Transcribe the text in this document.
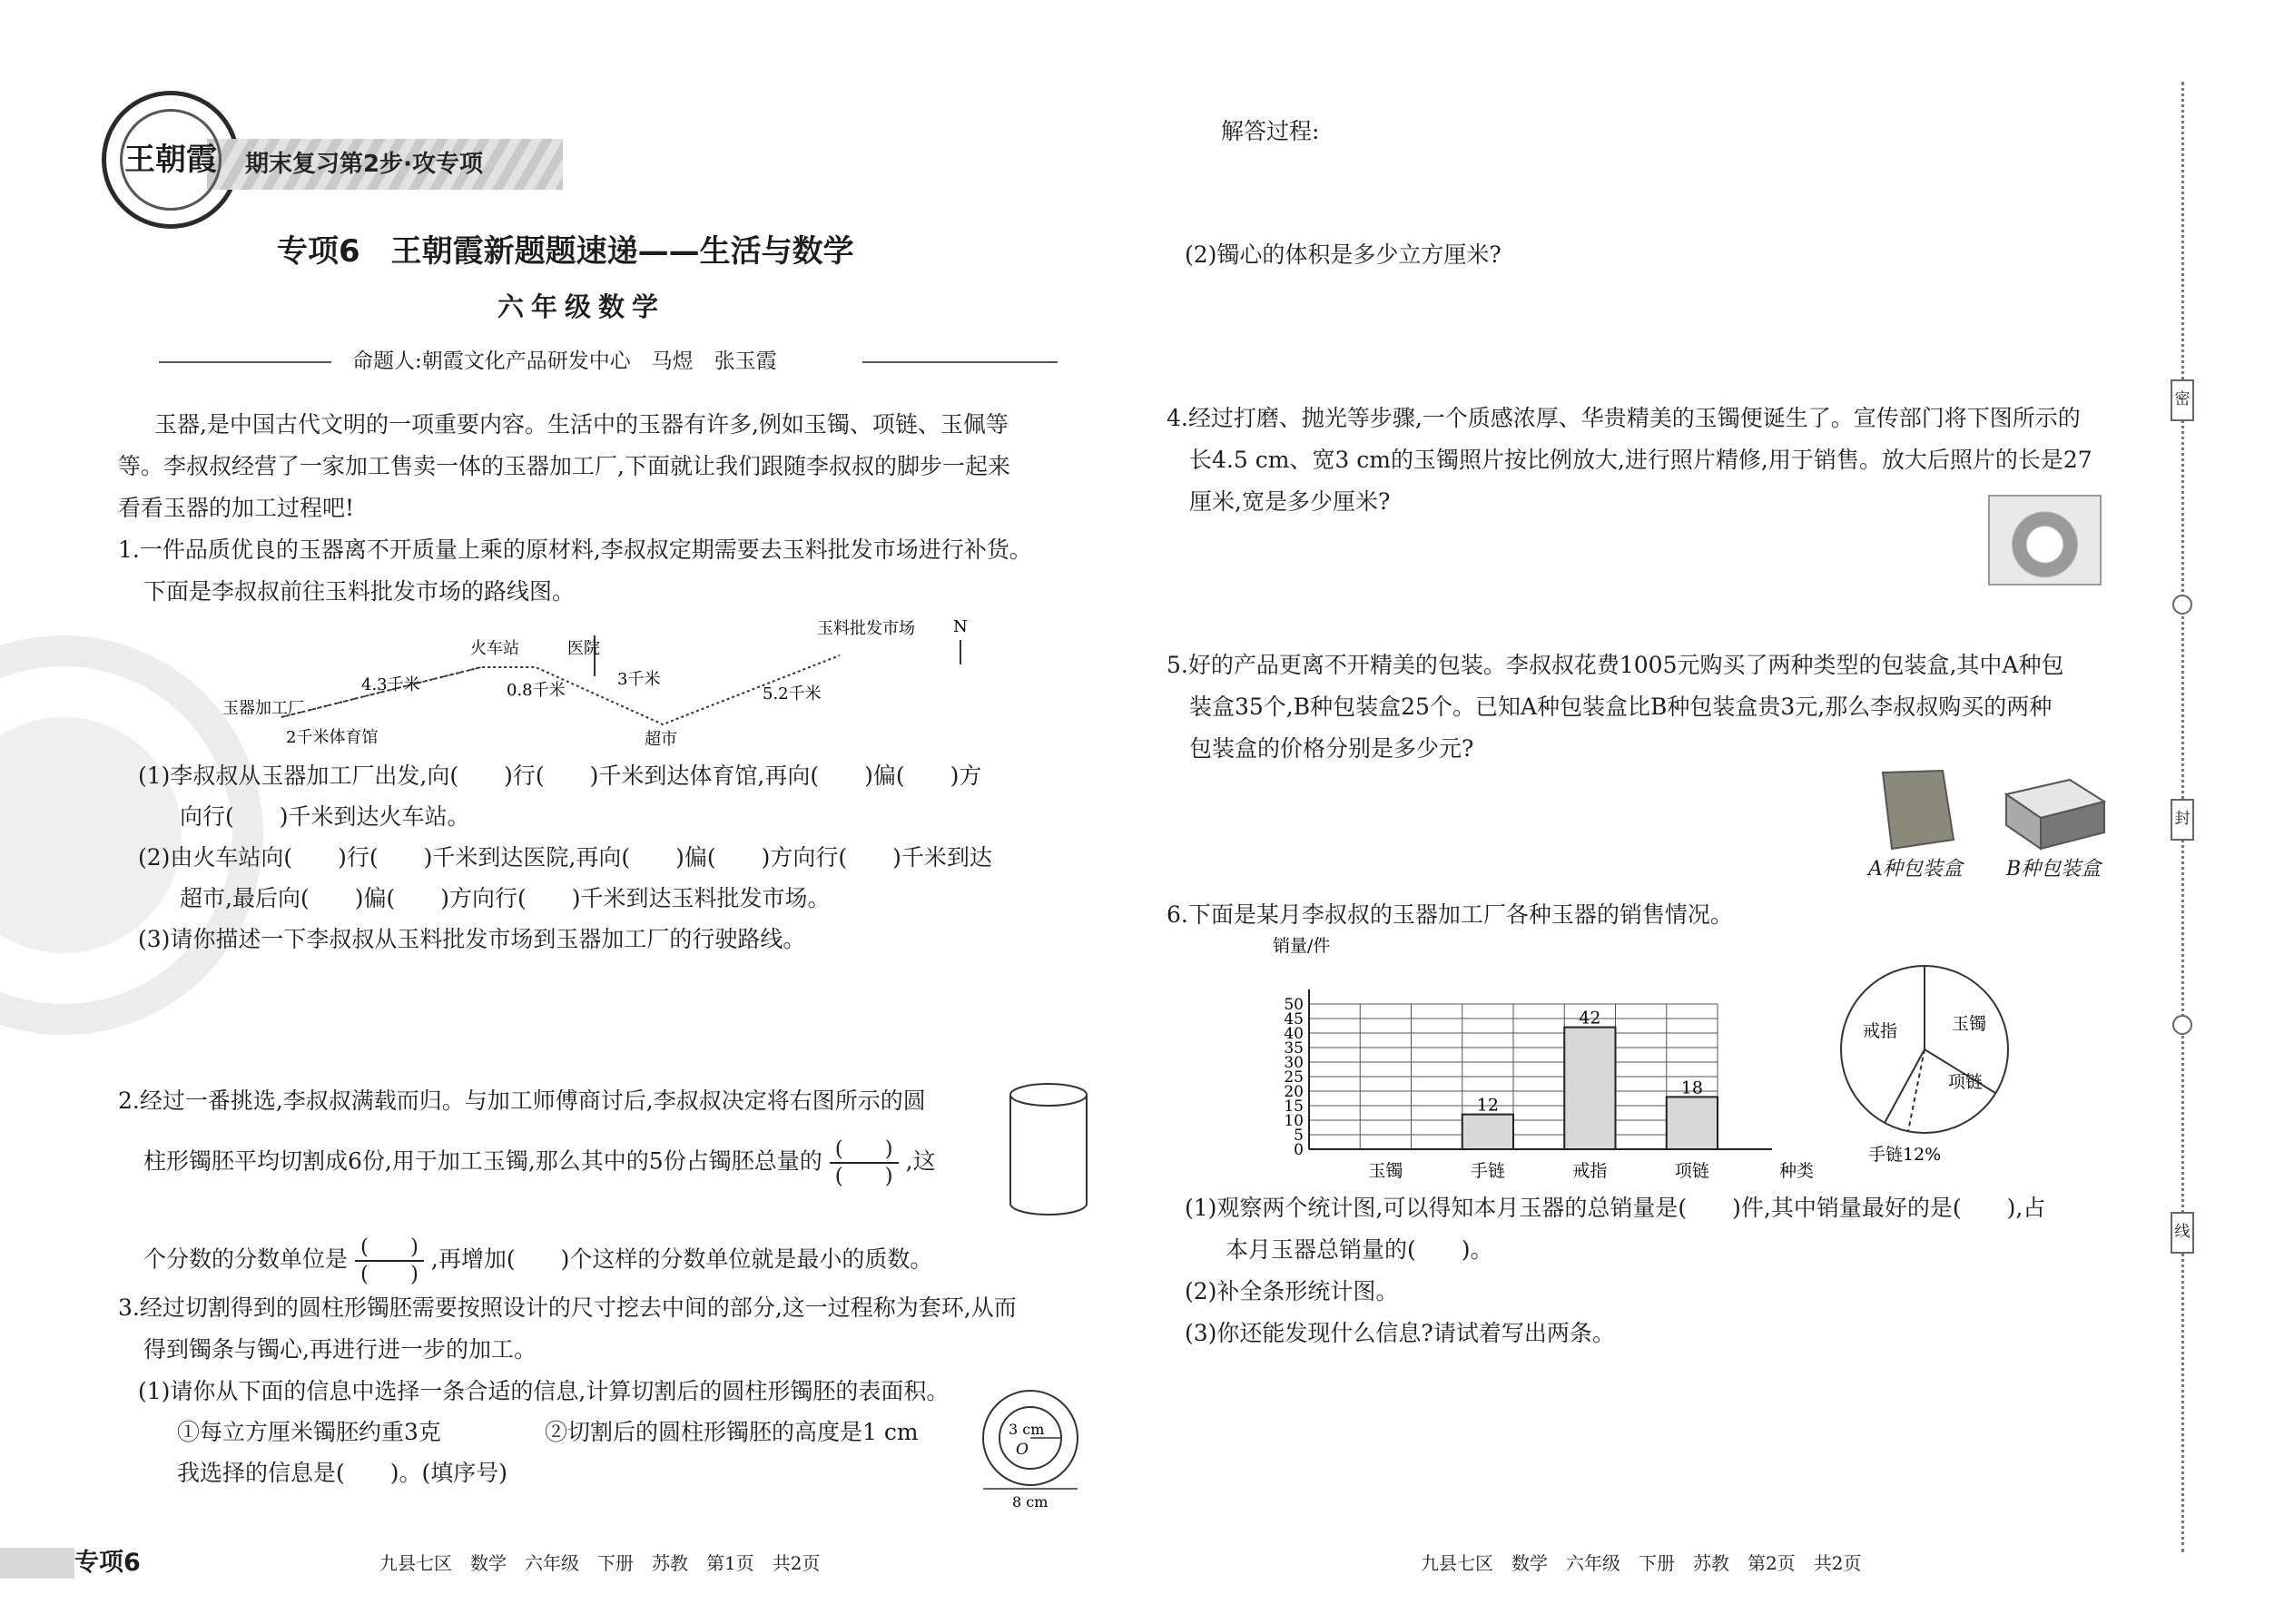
王朝霞 期末复习第2步·攻专项
专项6　王朝霞新题题速递——生活与数学
六年级数学
命题人:朝霞文化产品研发中心　马煜　张玉霞
玉器,是中国古代文明的一项重要内容。生活中的玉器有许多,例如玉镯、项链、玉佩等
等。李叔叔经营了一家加工售卖一体的玉器加工厂,下面就让我们跟随李叔叔的脚步一起来
看看玉器的加工过程吧!
1.一件品质优良的玉器离不开质量上乘的原材料,李叔叔定期需要去玉料批发市场进行补货。
下面是李叔叔前往玉料批发市场的路线图。
玉器加工厂
2千米体育馆
4.3千米
火车站	医院
0.8千米
3千米
超市
5.2千米
玉料批发市场 N
(1)李叔叔从玉器加工厂出发,向(　　)行(　　)千米到达体育馆,再向(　　)偏(　　)方
向行(　　)千米到达火车站。
(2)由火车站向(　　)行(　　)千米到达医院,再向(　　)偏(　　)方向行(　　)千米到达
超市,最后向(　　)偏(　　)方向行(　　)千米到达玉料批发市场。
(3)请你描述一下李叔叔从玉料批发市场到玉器加工厂的行驶路线。
2.经过一番挑选,李叔叔满载而归。与加工师傅商讨后,李叔叔决定将右图所示的圆
柱形镯胚平均切割成6份,用于加工玉镯,那么其中的5份占镯胚总量的 $\frac{( )}{( )}$ ,这
个分数的分数单位是 $\frac{( )}{( )}$ ,再增加(　　)个这样的分数单位就是最小的质数。
3.经过切割得到的圆柱形镯胚需要按照设计的尺寸挖去中间的部分,这一过程称为套环,从而
得到镯条与镯心,再进行进一步的加工。
(1)请你从下面的信息中选择一条合适的信息,计算切割后的圆柱形镯胚的表面积。
①每立方厘米镯胚约重3克	②切割后的圆柱形镯胚的高度是1 cm
我选择的信息是(　　)。(填序号)
3 cm
O
8 cm
解答过程:
(2)镯心的体积是多少立方厘米?
4.经过打磨、抛光等步骤,一个质感浓厚、华贵精美的玉镯便诞生了。宣传部门将下图所示的
长4.5 cm、宽3 cm的玉镯照片按比例放大,进行照片精修,用于销售。放大后照片的长是27
厘米,宽是多少厘米?
5.好的产品更离不开精美的包装。李叔叔花费1005元购买了两种类型的包装盒,其中A种包
装盒35个,B种包装盒25个。已知A种包装盒比B种包装盒贵3元,那么李叔叔购买的两种
包装盒的价格分别是多少元?
A种包装盒 B种包装盒
6.下面是某月李叔叔的玉器加工厂各种玉器的销售情况。
0
5
10
15
20
25
30
35
40
45
50
销量/件
种类
玉镯	手链
12
戒指
42
项链
18
玉镯
项链
手链12%
戒指
(1)观察两个统计图,可以得知本月玉器的总销量是(　　)件,其中销量最好的是(　　),占
本月玉器总销量的(　　)。
(2)补全条形统计图。
(3)你还能发现什么信息?请试着写出两条。
密
封
线
专项6	九县七区　数学　六年级　下册　苏教　第1页　共2页	九县七区　数学　六年级　下册　苏教　第2页　共2页
